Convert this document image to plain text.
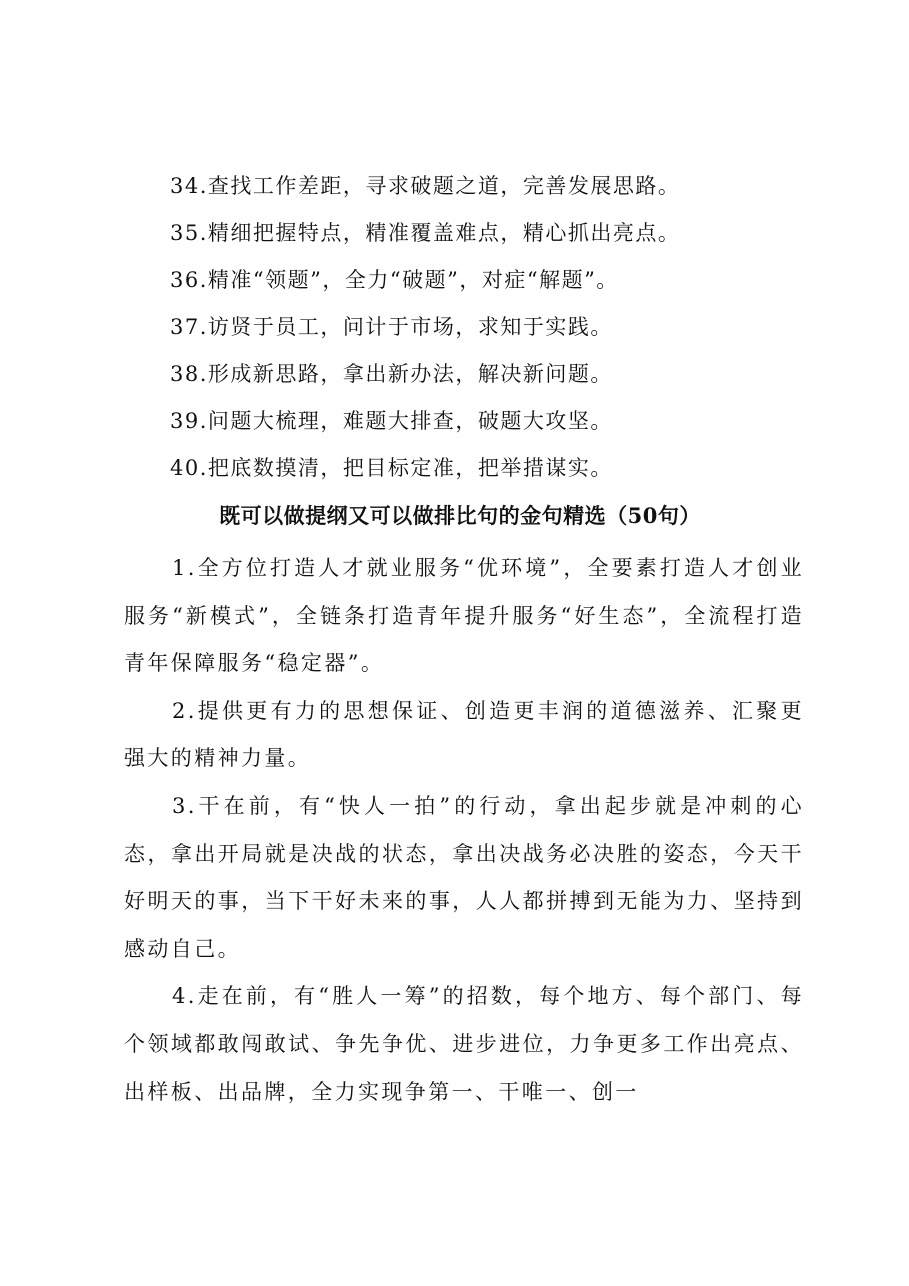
34.查找工作差距，寻求破题之道，完善发展思路。
35.精细把握特点，精准覆盖难点，精心抓出亮点。
36.精准“领题”，全力“破题”，对症“解题”。
37.访贤于员工，问计于市场，求知于实践。
38.形成新思路，拿出新办法，解决新问题。
39.问题大梳理，难题大排查，破题大攻坚。
40.把底数摸清，把目标定准，把举措谋实。
既可以做提纲又可以做排比句的金句精选（50句）

1.全方位打造人才就业服务“优环境”，全要素打造人才创业服务“新模式”，全链条打造青年提升服务“好生态”，全流程打造青年保障服务“稳定器”。

2.提供更有力的思想保证、创造更丰润的道德滋养、汇聚更强大的精神力量。

3.干在前，有“快人一拍”的行动，拿出起步就是冲刺的心态，拿出开局就是决战的状态，拿出决战务必决胜的姿态，今天干好明天的事，当下干好未来的事，人人都拼搏到无能为力、坚持到感动自己。

4.走在前，有“胜人一筹”的招数，每个地方、每个部门、每个领域都敢闯敢试、争先争优、进步进位，力争更多工作出亮点、出样板、出品牌，全力实现争第一、干唯一、创一
